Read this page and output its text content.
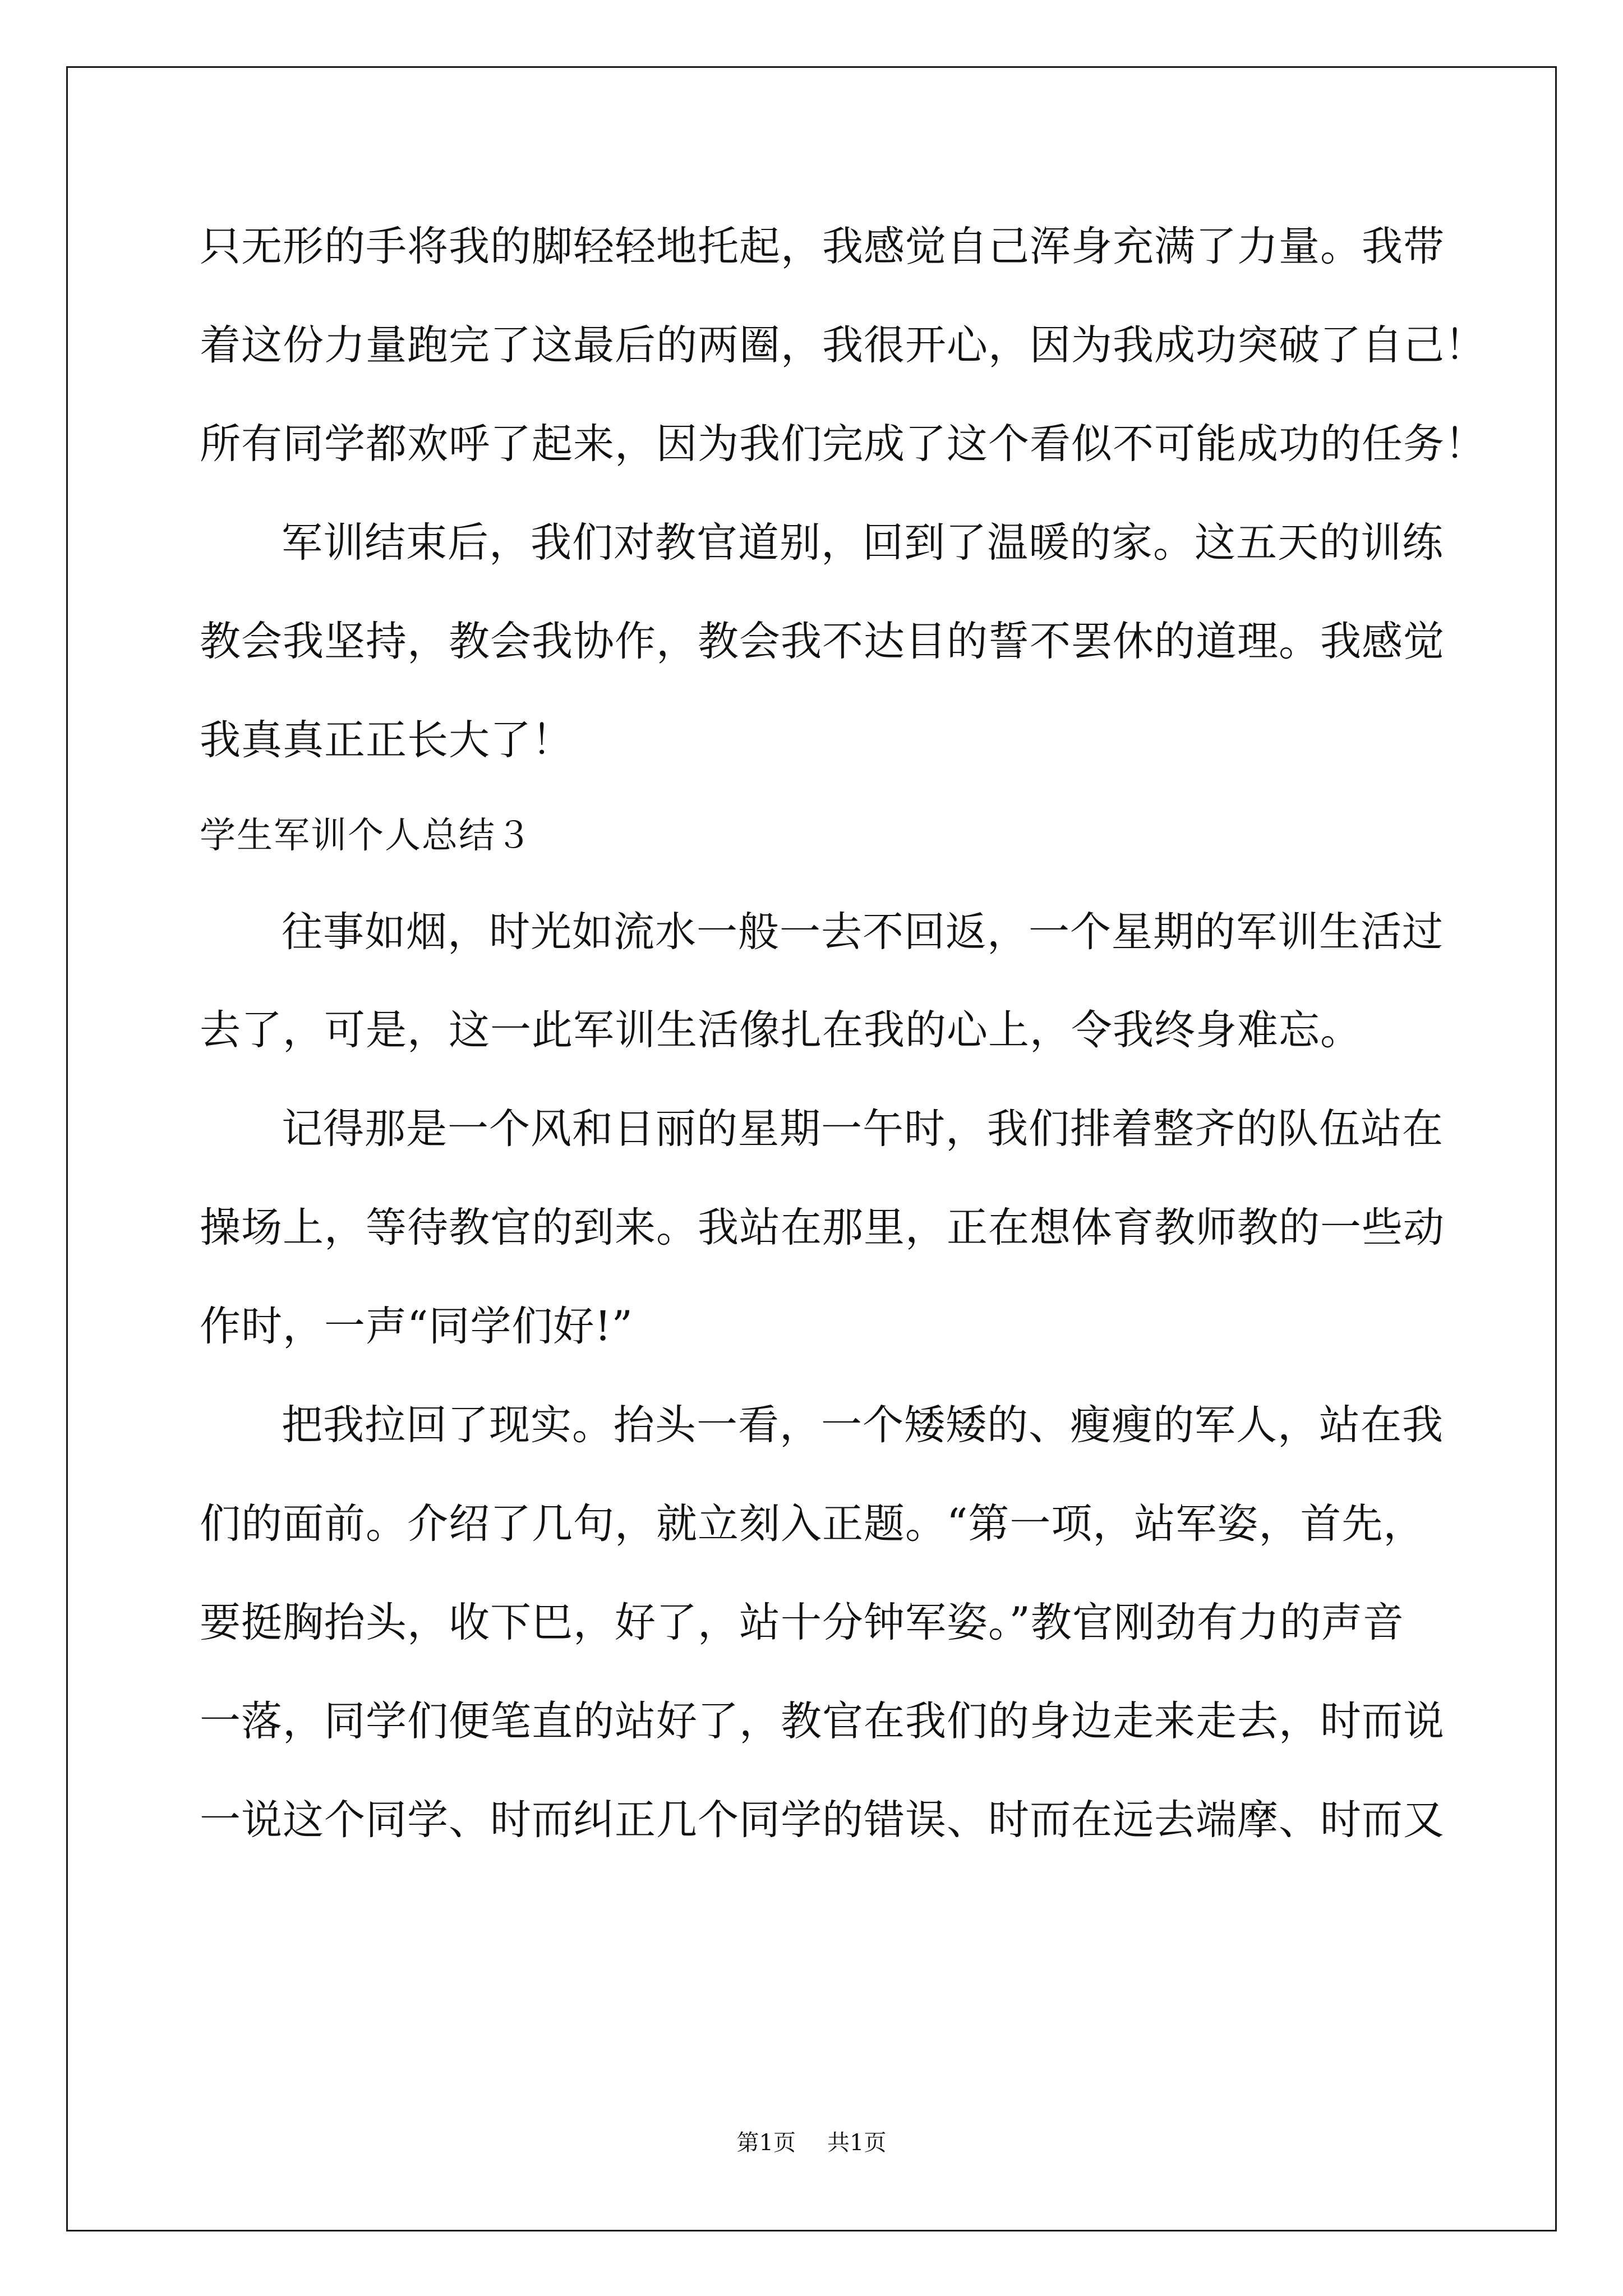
只无形的手将我的脚轻轻地托起，我感觉自己浑身充满了力量。我带

着这份力量跑完了这最后的两圈，我很开心，因为我成功突破了自己！

所有同学都欢呼了起来，因为我们完成了这个看似不可能成功的任务！

军训结束后，我们对教官道别，回到了温暖的家。这五天的训练

教会我坚持，教会我协作，教会我不达目的誓不罢休的道理。我感觉

我真真正正长大了！

学生军训个人总结３

往事如烟，时光如流水一般一去不回返，一个星期的军训生活过

去了，可是，这一此军训生活像扎在我的心上，令我终身难忘。

记得那是一个风和日丽的星期一午时，我们排着整齐的队伍站在

操场上，等待教官的到来。我站在那里，正在想体育教师教的一些动

作时，一声“同学们好!”

把我拉回了现实。抬头一看，一个矮矮的、瘦瘦的军人，站在我

们的面前。介绍了几句，就立刻入正题。“第一项，站军姿，首先，

要挺胸抬头，收下巴，好了，站十分钟军姿。”教官刚劲有力的声音

一落，同学们便笔直的站好了，教官在我们的身边走来走去，时而说

一说这个同学、时而纠正几个同学的错误、时而在远去端摩、时而又

第1页 共1页
